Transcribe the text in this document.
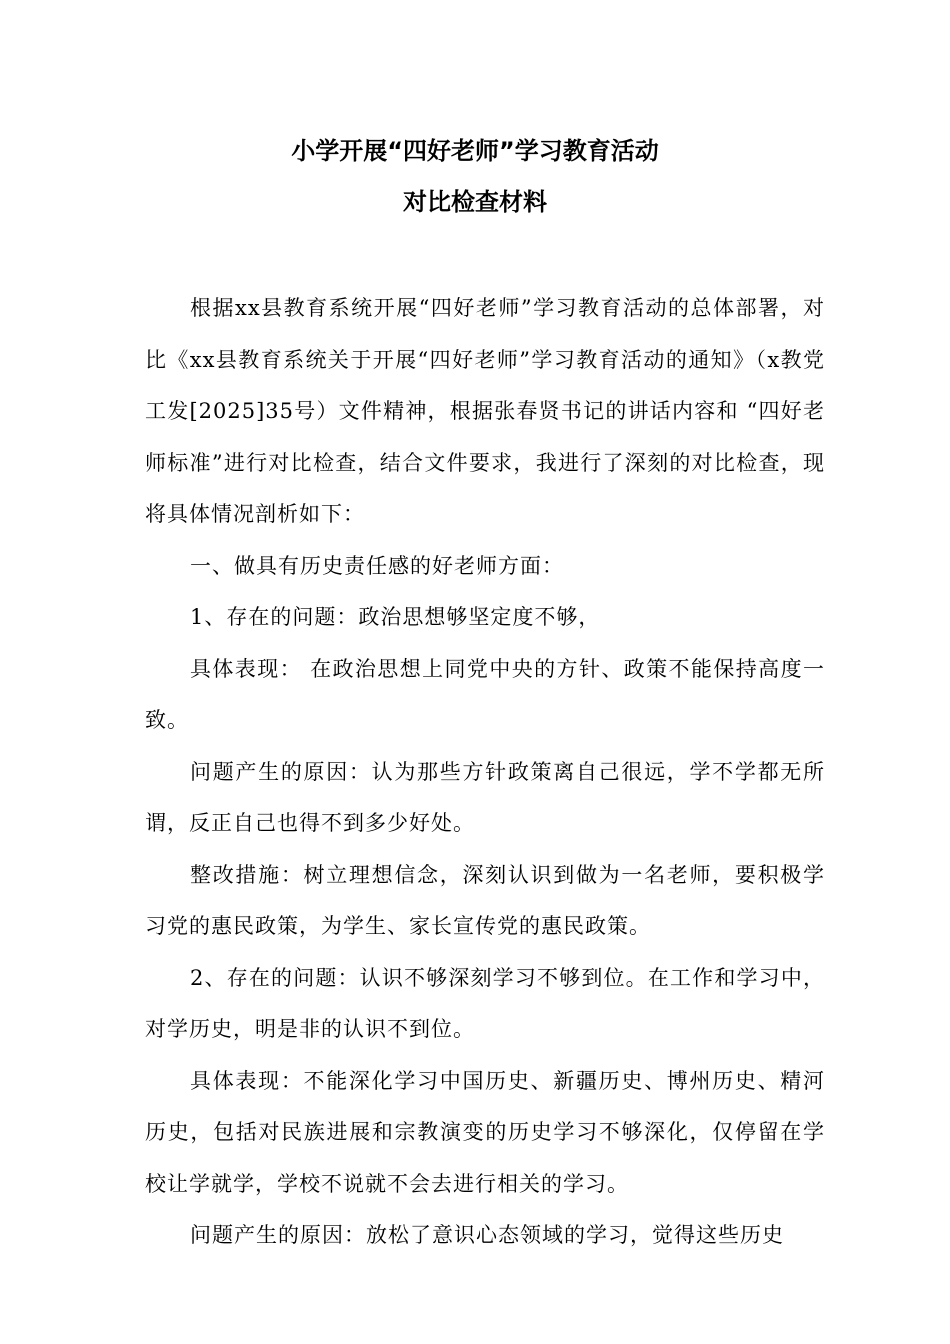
小学开展“四好老师”学习教育活动
对比检查材料

根据xx县教育系统开展“四好老师”学习教育活动的总体部署，对比《xx县教育系统关于开展“四好老师”学习教育活动的通知》（x教党工发[2025]35号）文件精神，根据张春贤书记的讲话内容和 “四好老师标准”进行对比检查，结合文件要求，我进行了深刻的对比检查，现将具体情况剖析如下：

一、做具有历史责任感的好老师方面：

1、存在的问题：政治思想够坚定度不够，

具体表现： 在政治思想上同党中央的方针、政策不能保持高度一致。

问题产生的原因：认为那些方针政策离自己很远，学不学都无所谓，反正自己也得不到多少好处。

整改措施：树立理想信念，深刻认识到做为一名老师，要积极学习党的惠民政策，为学生、家长宣传党的惠民政策。

2、存在的问题：认识不够深刻学习不够到位。在工作和学习中，对学历史，明是非的认识不到位。

具体表现：不能深化学习中国历史、新疆历史、博州历史、精河历史，包括对民族进展和宗教演变的历史学习不够深化，仅停留在学校让学就学，学校不说就不会去进行相关的学习。

问题产生的原因：放松了意识心态领域的学习，觉得这些历史
